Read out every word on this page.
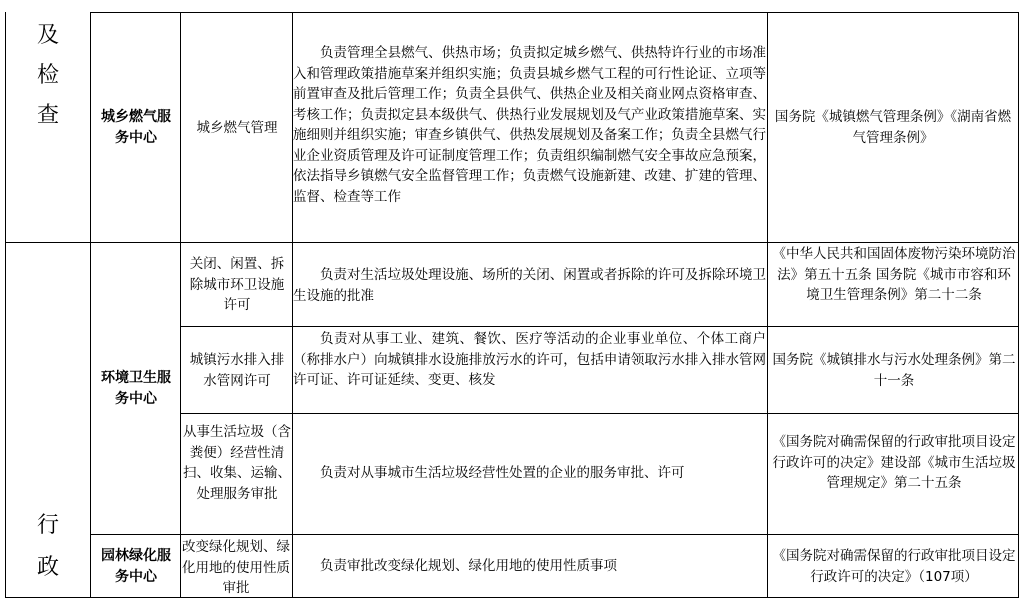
及
检
查
行
政
城乡燃气服务中心
环境卫生服务中心
园林绿化服务中心
城乡燃气管理
负责管理全县燃气、供热市场；负责拟定城乡燃气、供热特许行业的市场准入和管理政策措施草案并组织实施；负责县城乡燃气工程的可行性论证、立项等前置审查及批后管理工作；负责全县供气、供热企业及相关商业网点资格审查、考核工作；负责拟定县本级供气、供热行业发展规划及气产业政策措施草案、实施细则并组织实施；审查乡镇供气、供热发展规划及备案工作；负责全县燃气行业企业资质管理及许可证制度管理工作；负责组织编制燃气安全事故应急预案，依法指导乡镇燃气安全监督管理工作；负责燃气设施新建、改建、扩建的管理、监督、检查等工作
国务院《城镇燃气管理条例》《湖南省燃气管理条例》
关闭、闲置、拆除城市环卫设施许可
负责对生活垃圾处理设施、场所的关闭、闲置或者拆除的许可及拆除环境卫生设施的批准
《中华人民共和国固体废物污染环境防治法》第五十五条 国务院《城市市容和环境卫生管理条例》第二十二条
城镇污水排入排水管网许可
负责对从事工业、建筑、餐饮、医疗等活动的企业事业单位、个体工商户（称排水户）向城镇排水设施排放污水的许可，包括申请领取污水排入排水管网许可证、许可证延续、变更、核发
国务院《城镇排水与污水处理条例》第二十一条
从事生活垃圾（含粪便）经营性清扫、收集、运输、处理服务审批
负责对从事城市生活垃圾经营性处置的企业的服务审批、许可
《国务院对确需保留的行政审批项目设定行政许可的决定》建设部《城市生活垃圾管理规定》第二十五条
改变绿化规划、绿化用地的使用性质审批
负责审批改变绿化规划、绿化用地的使用性质事项
《国务院对确需保留的行政审批项目设定行政许可的决定》（107项）
